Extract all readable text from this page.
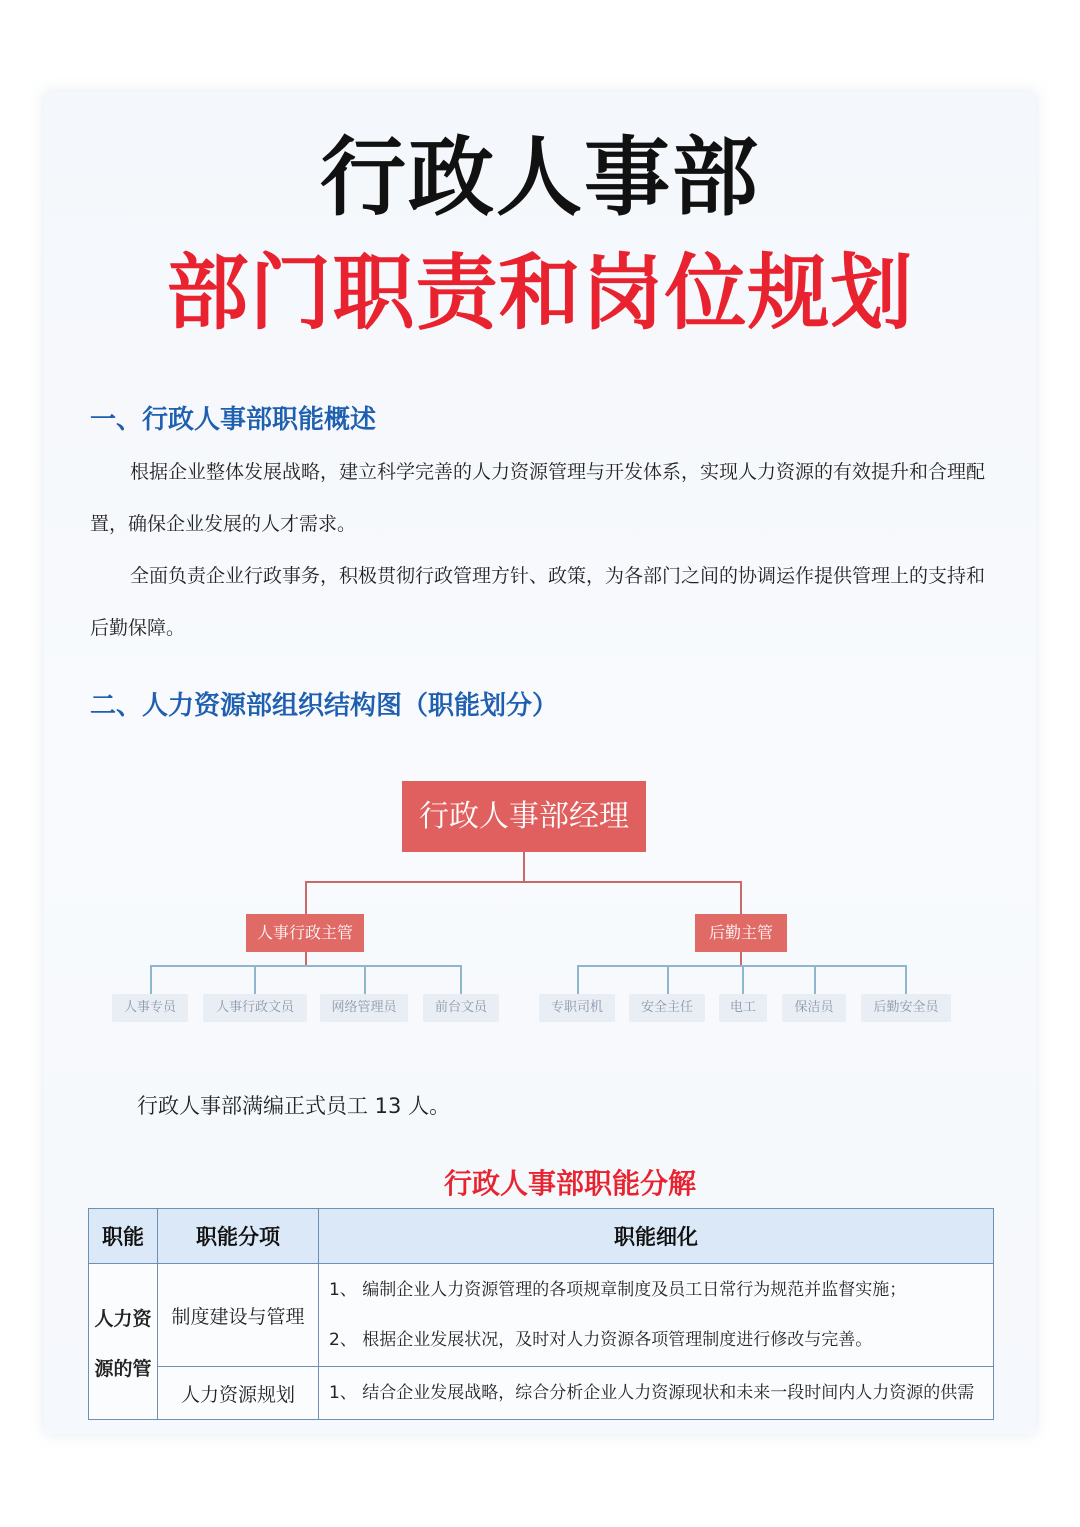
行政人事部
部门职责和岗位规划
一、行政人事部职能概述
根据企业整体发展战略，建立科学完善的人力资源管理与开发体系，实现人力资源的有效提升和合理配置，确保企业发展的人才需求。
全面负责企业行政事务，积极贯彻行政管理方针、政策，为各部门之间的协调运作提供管理上的支持和后勤保障。
二、人力资源部组织结构图（职能划分）
行政人事部经理
人事行政主管	后勤主管
人事专员	人事行政文员	网络管理员	前台文员	专职司机	安全主任	电工	保洁员	后勤安全员
行政人事部满编正式员工 13 人。
行政人事部职能分解
职能	职能分项	职能细化
人力资源的管	制度建设与管理	1、 编制企业人力资源管理的各项规章制度及员工日常行为规范并监督实施；
2、 根据企业发展状况，及时对人力资源各项管理制度进行修改与完善。

	人力资源规划	1、 结合企业发展战略，综合分析企业人力资源现状和未来一段时间内人力资源的供需
